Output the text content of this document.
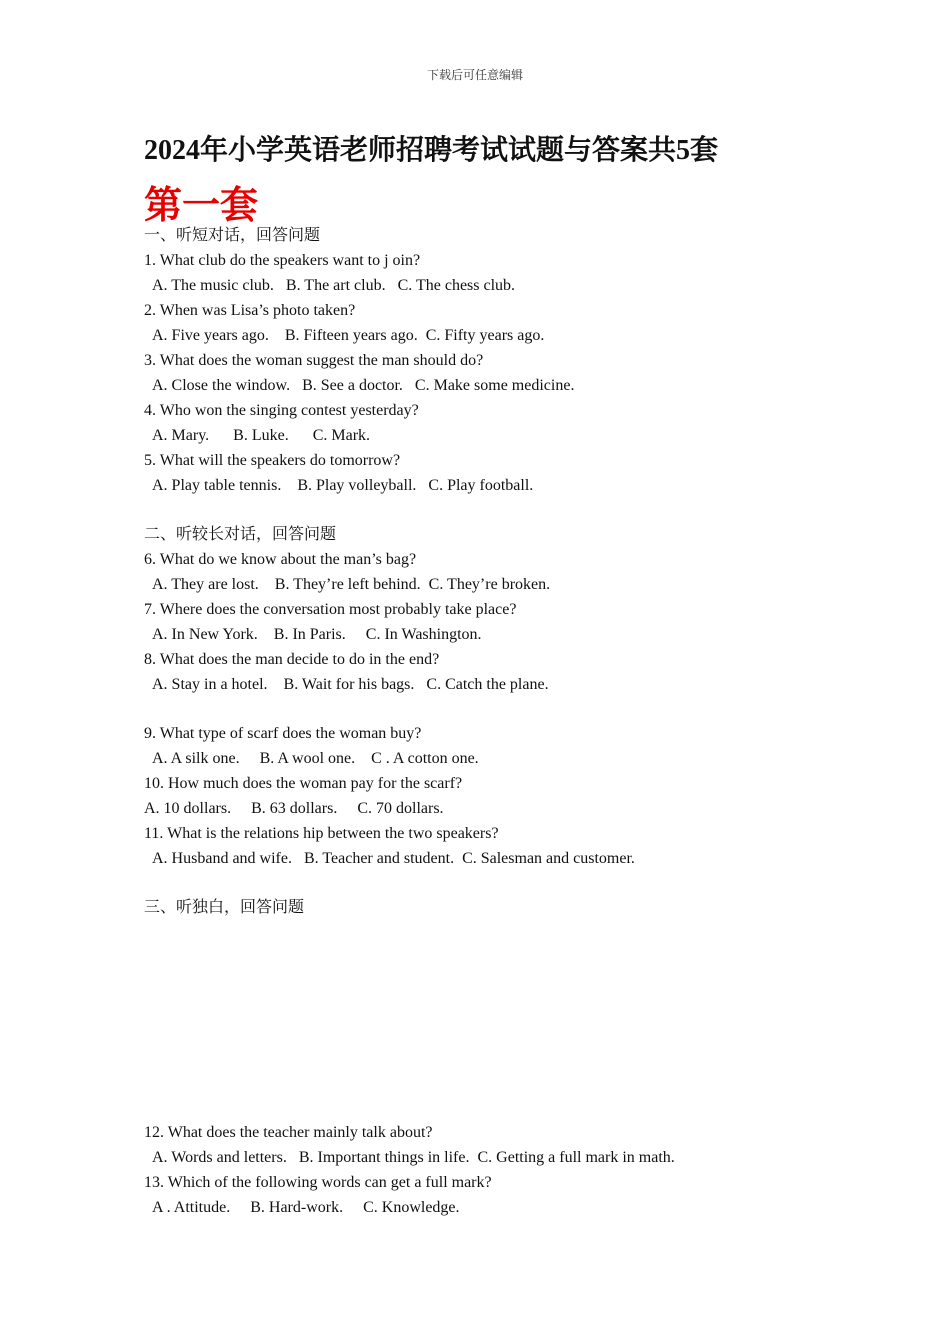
下载后可任意编辑
2024年小学英语老师招聘考试试题与答案共5套
第一套
一、听短对话，回答问题
1. What club do the speakers want to j oin?
A. The music club.   B. The art club.   C. The chess club.
2. When was Lisa’s photo taken?
A. Five years ago.    B. Fifteen years ago.  C. Fifty years ago.
3. What does the woman suggest the man should do?
A. Close the window.   B. See a doctor.   C. Make some medicine.
4. Who won the singing contest yesterday?
A. Mary.      B. Luke.      C. Mark.
5. What will the speakers do tomorrow?
A. Play table tennis.    B. Play volleyball.   C. Play football.
二、听较长对话，回答问题
6. What do we know about the man’s bag?
A. They are lost.    B. They’re left behind.  C. They’re broken.
7. Where does the conversation most probably take place?
A. In New York.    B. In Paris.     C. In Washington.
8. What does the man decide to do in the end?
A. Stay in a hotel.    B. Wait for his bags.   C. Catch the plane.
9. What type of scarf does the woman buy?
A. A silk one.     B. A wool one.    C . A cotton one.
10. How much does the woman pay for the scarf?
A. 10 dollars.     B. 63 dollars.     C. 70 dollars.
11. What is the relations hip between the two speakers?
A. Husband and wife.   B. Teacher and student.  C. Salesman and customer.
三、听独白，回答问题
12. What does the teacher mainly talk about?
A. Words and letters.   B. Important things in life.  C. Getting a full mark in math.
13. Which of the following words can get a full mark?
A . Attitude.     B. Hard-work.     C. Knowledge.
